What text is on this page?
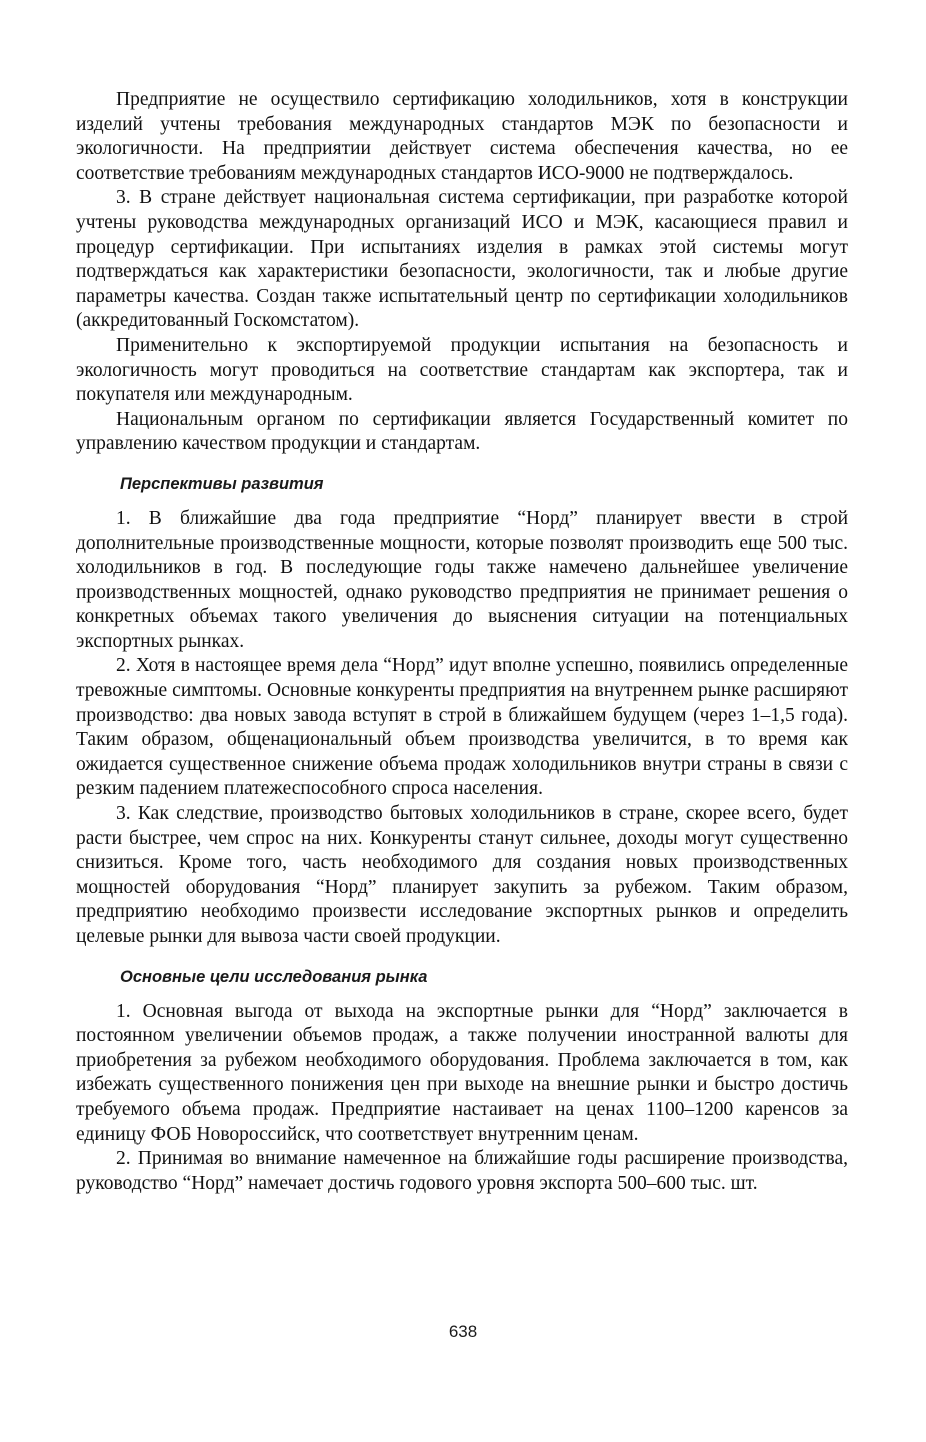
Предприятие не осуществило сертификацию холодильников, хотя в конструкции изделий учтены требования международных стандартов МЭК по безопасности и экологичности. На предприятии действует система обеспечения качества, но ее соответствие требованиям международных стандартов ИСО-9000 не подтверждалось.

3. В стране действует национальная система сертификации, при разработке которой учтены руководства международных организаций ИСО и МЭК, касающиеся правил и процедур сертификации. При испытаниях изделия в рамках этой системы могут подтверждаться как характеристики безопасности, экологичности, так и любые другие параметры качества. Создан также испытательный центр по сертификации холодильников (аккредитованный Госкомстатом).

Применительно к экспортируемой продукции испытания на безопасность и экологичность могут проводиться на соответствие стандартам как экспортера, так и покупателя или международным.

Национальным органом по сертификации является Государственный комитет по управлению качеством продукции и стандартам.

Перспективы развития

1. В ближайшие два года предприятие “Норд” планирует ввести в строй дополнительные производственные мощности, которые позволят производить еще 500 тыс. холодильников в год. В последующие годы также намечено дальнейшее увеличение производственных мощностей, однако руководство предприятия не принимает решения о конкретных объемах такого увеличения до выяснения ситуации на потенциальных экспортных рынках.

2. Хотя в настоящее время дела “Норд” идут вполне успешно, появились определенные тревожные симптомы. Основные конкуренты предприятия на внутреннем рынке расширяют производство: два новых завода вступят в строй в ближайшем будущем (через 1–1,5 года). Таким образом, общенациональный объем производства увеличится, в то время как ожидается существенное снижение объема продаж холодильников внутри страны в связи с резким падением платежеспособного спроса населения.

3. Как следствие, производство бытовых холодильников в стране, скорее всего, будет расти быстрее, чем спрос на них. Конкуренты станут сильнее, доходы могут существенно снизиться. Кроме того, часть необходимого для создания новых производственных мощностей оборудования “Норд” планирует закупить за рубежом. Таким образом, предприятию необходимо произвести исследование экспортных рынков и определить целевые рынки для вывоза части своей продукции.

Основные цели исследования рынка

1. Основная выгода от выхода на экспортные рынки для “Норд” заключается в постоянном увеличении объемов продаж, а также получении иностранной валюты для приобретения за рубежом необходимого оборудования. Проблема заключается в том, как избежать существенного понижения цен при выходе на внешние рынки и быстро достичь требуемого объема продаж. Предприятие настаивает на ценах 1100–1200 каренсов за единицу ФОБ Новороссийск, что соответствует внутренним ценам.

2. Принимая во внимание намеченное на ближайшие годы расширение производства, руководство “Норд” намечает достичь годового уровня экспорта 500–600 тыс. шт.

638
